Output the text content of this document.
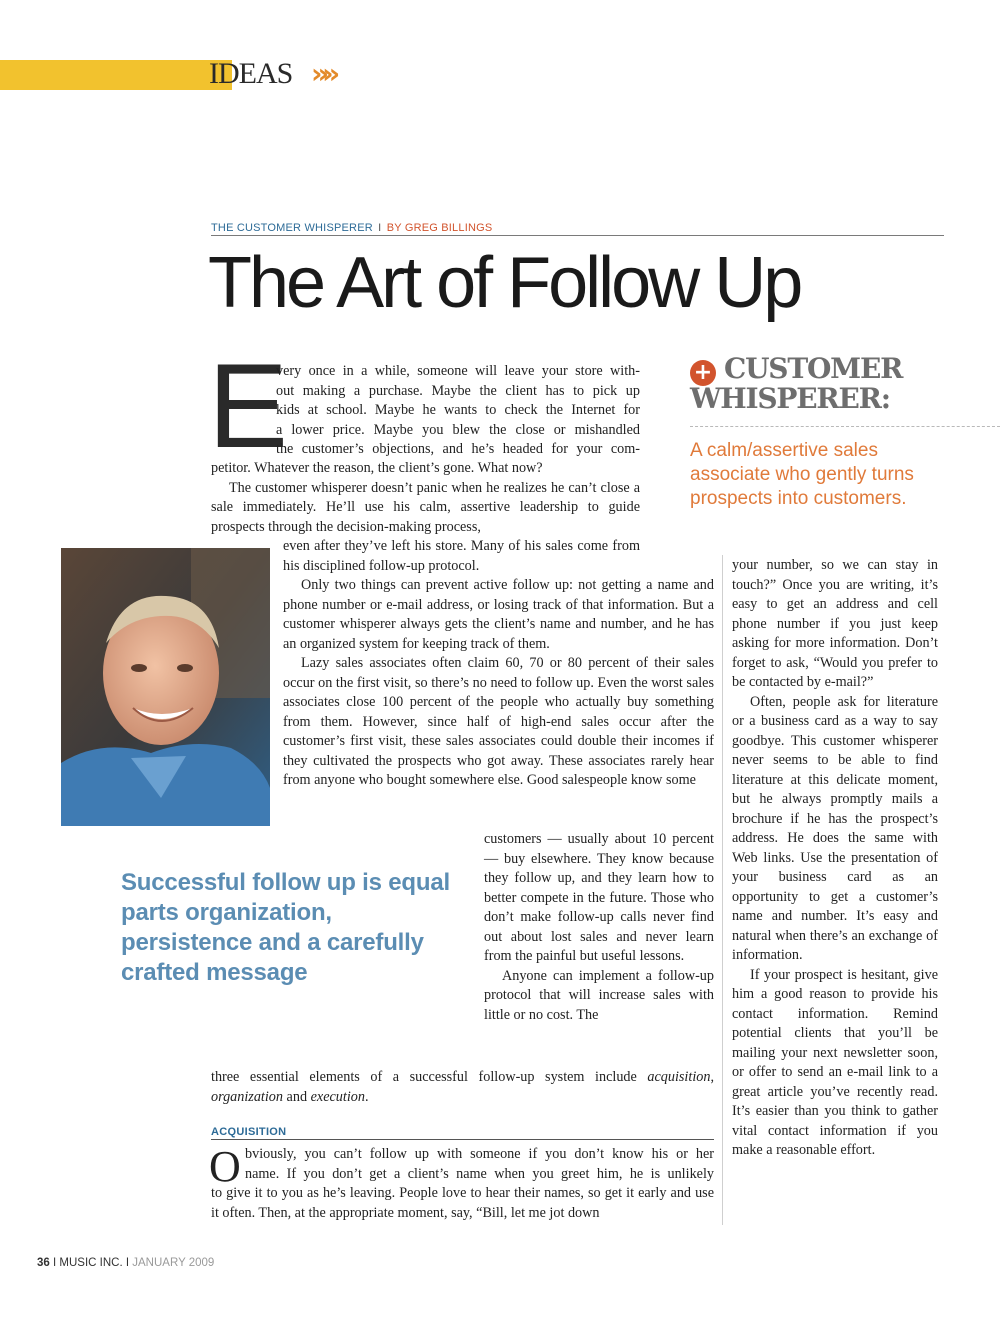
IDEAS »»
THE CUSTOMER WHISPERER I BY GREG BILLINGS
The Art of Follow Up
+ CUSTOMER
WHISPERER:
A calm/assertive sales associate who gently turns prospects into customers.
E

very once in a while, someone will leave your store with-

out making a purchase. Maybe the client has to pick up

kids at school. Maybe he wants to check the Internet for

a lower price. Maybe you blew the close or mishandled

the customer’s objections, and he’s headed for your com-

petitor. Whatever the reason, the client’s gone. What now?

The customer whisperer doesn’t panic when he realizes he can’t close a sale immediately. He’ll use his calm, assertive leadership to guide prospects through the decision-making process,

even after they’ve left his store. Many of his sales come from his disciplined follow-up protocol.

Only two things can prevent active follow up: not getting a name and phone number or e-mail address, or losing track of that information. But a customer whisperer always gets the client’s name and number, and he has an organized system for keeping track of them.

Lazy sales associates often claim 60, 70 or 80 percent of their sales occur on the first visit, so there’s no need to follow up. Even the worst sales associates close 100 percent of the people who actually buy something from them. However, since half of high-end sales occur after the customer’s first visit, these sales associates could double their incomes if they cultivated the prospects who got away. These associates rarely hear from anyone who bought somewhere else. Good salespeople know some

Successful follow up is equal parts organization, persistence and a carefully crafted message

customers — usually about 10 percent — buy elsewhere. They know because they follow up, and they learn how to better compete in the future. Those who don’t make follow-up calls never find out about lost sales and never learn from the painful but useful lessons.

Anyone can implement a follow-up protocol that will increase sales with little or no cost. The

three essential elements of a successful follow-up system include acquisition, organization and execution.

ACQUISITION
O bviously, you can’t follow up with someone if you don’t know his or her

name. If you don’t get a client’s name when you greet him, he is unlikely

to give it to you as he’s leaving. People love to hear their names, so get it early and use it often. Then, at the appropriate moment, say, “Bill, let me jot down

your number, so we can stay in touch?” Once you are writing, it’s easy to get an address and cell phone number if you just keep asking for more information. Don’t forget to ask, “Would you prefer to be contacted by e-mail?”

Often, people ask for literature or a business card as a way to say goodbye. This customer whisperer never seems to be able to find literature at this delicate moment, but he always promptly mails a brochure if he has the prospect’s address. He does the same with Web links. Use the presentation of your business card as an opportunity to get a customer’s name and number. It’s easy and natural when there’s an exchange of information.

If your prospect is hesitant, give him a good reason to provide his contact information. Remind potential clients that you’ll be mailing your next newsletter soon, or offer to send an e-mail link to a great article you’ve recently read. It’s easier than you think to gather vital contact information if you make a reasonable effort.

36 I MUSIC INC. I JANUARY 2009
